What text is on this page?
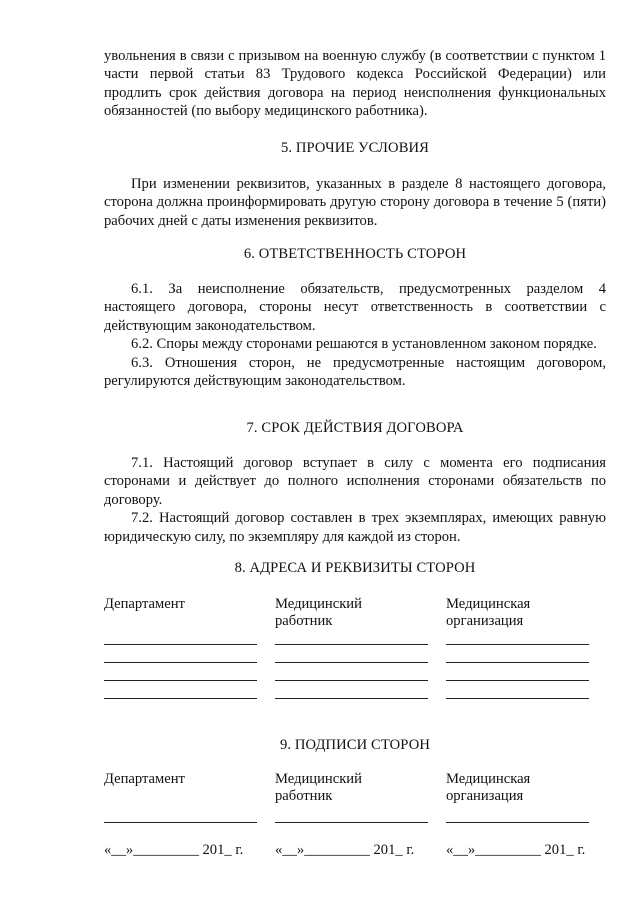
увольнения в связи с призывом на военную службу (в соответствии с пунктом 1 части первой статьи 83 Трудового кодекса Российской Федерации) или продлить срок действия договора на период неисполнения функциональных обязанностей (по выбору медицинского работника).

5. ПРОЧИЕ УСЛОВИЯ

При изменении реквизитов, указанных в разделе 8 настоящего договора, сторона должна проинформировать другую сторону договора в течение 5 (пяти) рабочих дней с даты изменения реквизитов.

6. ОТВЕТСТВЕННОСТЬ СТОРОН

6.1. За неисполнение обязательств, предусмотренных разделом 4 настоящего договора, стороны несут ответственность в соответствии с действующим законодательством.

6.2. Споры между сторонами решаются в установленном законом порядке.

6.3. Отношения сторон, не предусмотренные настоящим договором, регулируются действующим законодательством.

7. СРОК ДЕЙСТВИЯ ДОГОВОРА

7.1. Настоящий договор вступает в силу с момента его подписания сторонами и действует до полного исполнения сторонами обязательств по договору.

7.2. Настоящий договор составлен в трех экземплярах, имеющих равную юридическую силу, по экземпляру для каждой из сторон.

8. АДРЕСА И РЕКВИЗИТЫ СТОРОН
Департамент	Медицинский
работник
Медицинская
организация
9. ПОДПИСИ СТОРОН
Департамент	Медицинский
работник
Медицинская
организация
«__»_________ 201_ г. «__»_________ 201_ г. «__»_________ 201_ г.
